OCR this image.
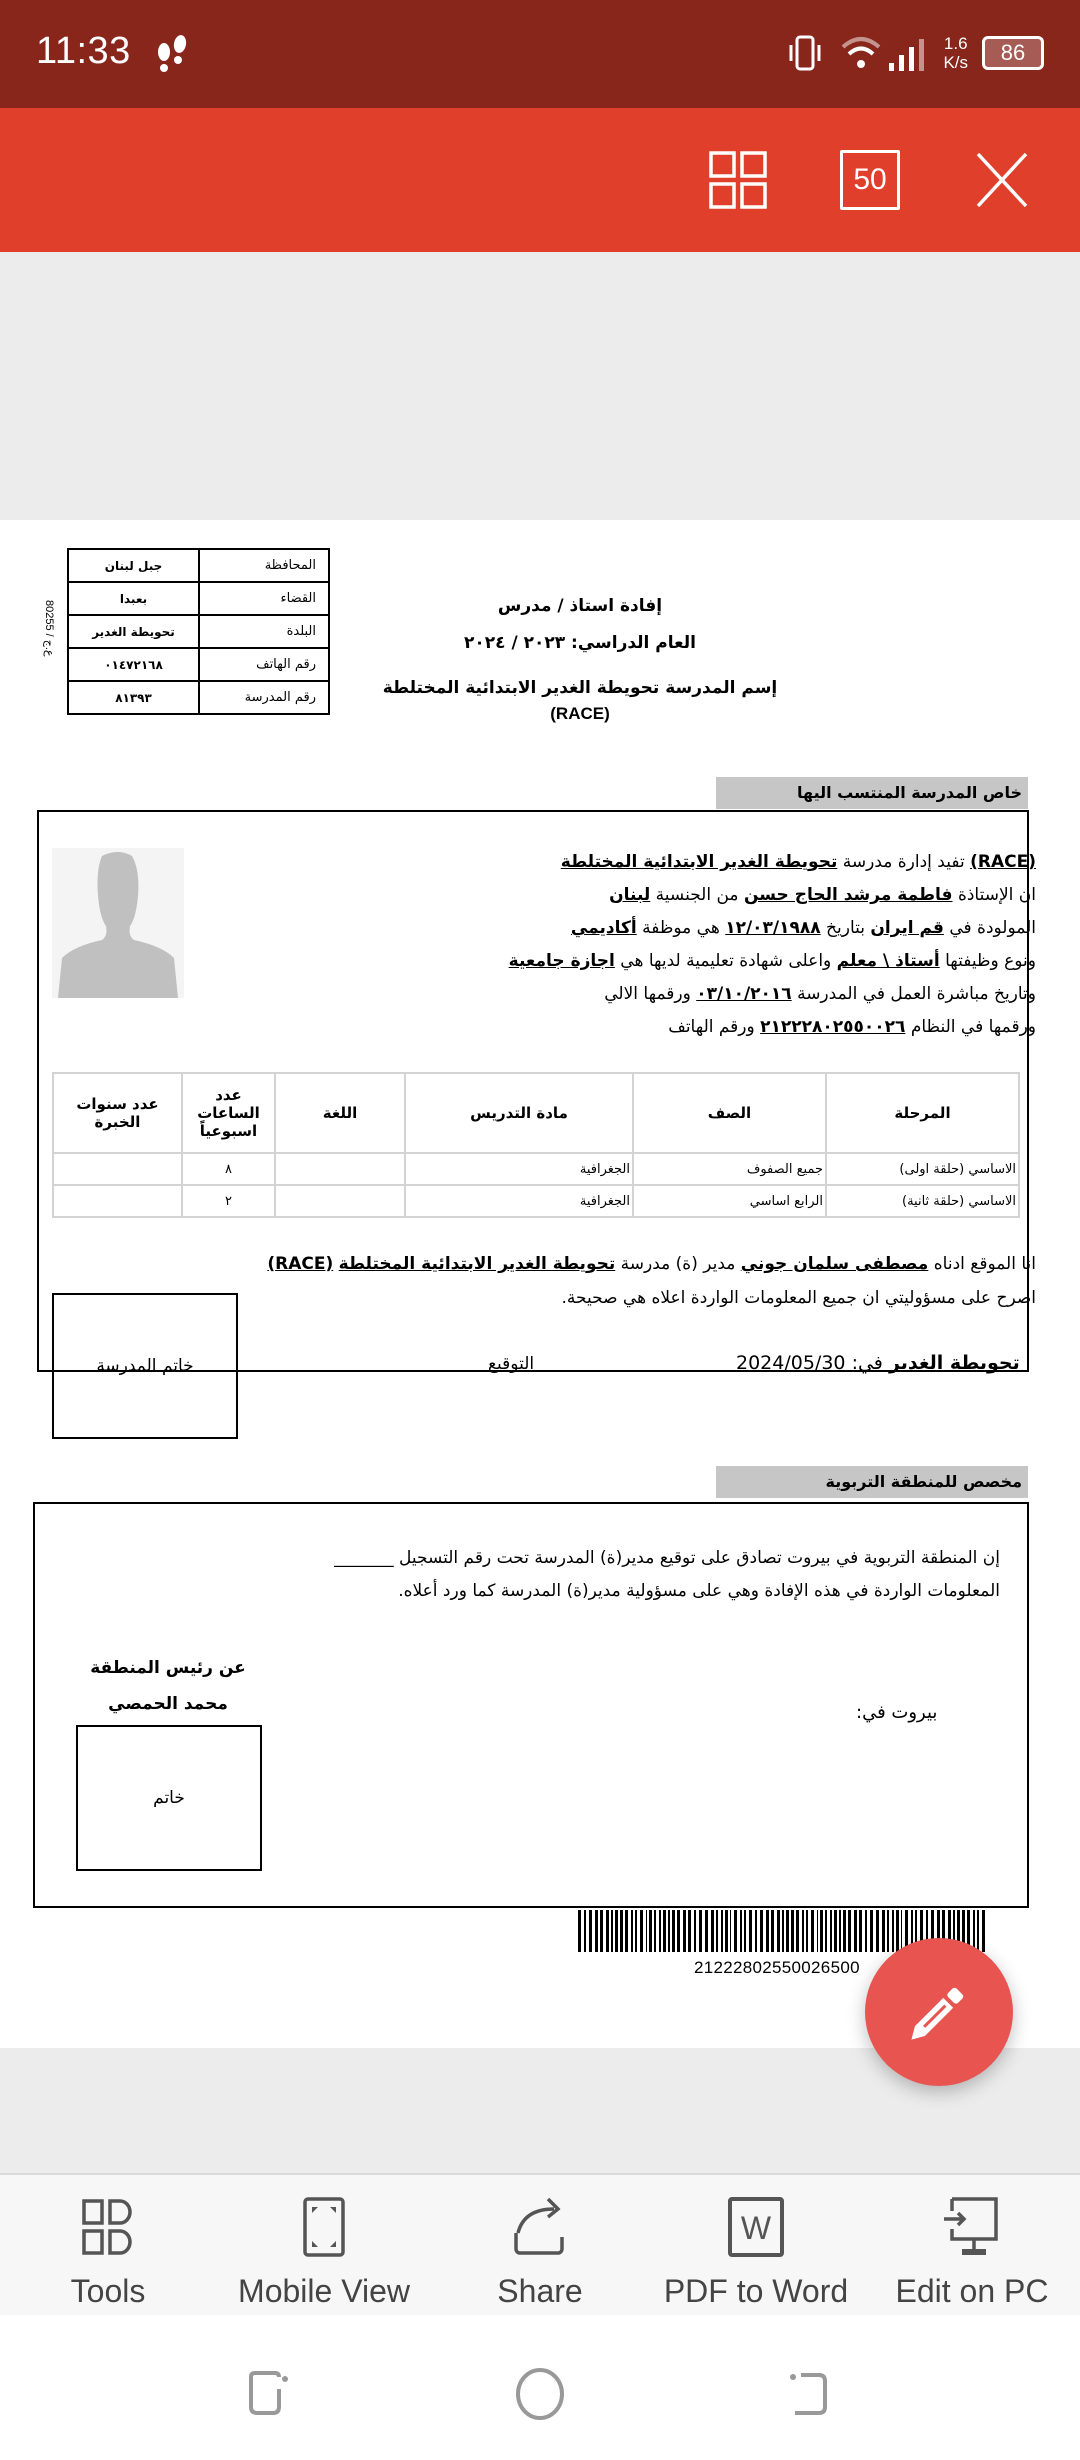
11:33	1.6
K/s 86
50
ع.ج / 80255
المحافظة	جبل لبنان
القضاء	بعبدا
البلدة	تحويطة الغدير
رقم الهاتف	٠١٤٧٢١٦٨
رقم المدرسة	٨١٣٩٣
إفادة استاذ / مدرس
العام الدراسي: ٢٠٢٣ / ٢٠٢٤
إسم المدرسة تحويطة الغدير الابتدائية المختلطة
(RACE)
خاص المدرسة المنتسب اليها
(RACE) تفيد إدارة مدرسة تحويطة الغدير الابتدائية المختلطة
ان الإستاذة فاطمة مرشد الحاج حسن من الجنسية لبنان
المولودة في قم ايران بتاريخ ١٢/٠٣/١٩٨٨ هي موظفة أكاديمي
ونوع وظيفتها أستاذ \ معلم واعلى شهادة تعليمية لديها هي اجازة جامعية
وتاريخ مباشرة العمل في المدرسة ٠٣/١٠/٢٠١٦ ورقمها الالي
ورقمها في النظام ٢١٢٢٢٨٠٢٥٥٠٠٢٦ ورقم الهاتف
المرحلة	الصف	مادة التدريس	اللغة	عدد الساعات اسبوعياً	عدد سنوات الخبرة
الاساسي (حلقة اولى)	جميع الصفوف	الجغرافية		٨	
الاساسي (حلقة ثانية)	الرابع اساسي	الجغرافية		٢	
انا الموقع ادناه مصطفى سلمان جوني مدير (ة) مدرسة تحويطة الغدير الابتدائية المختلطة (RACE)
اصرح على مسؤوليتي ان جميع المعلومات الواردة اعلاه هي صحيحة.
تحويطة الغدير في: 2024/05/30
التوقيع
خاتم المدرسة
مخصص للمنطقة التربوية
إن المنطقة التربوية في بيروت تصادق على توقيع مدير(ة) المدرسة تحت رقم التسجيل _______
المعلومات الواردة في هذه الإفادة وهي على مسؤولية مدير(ة) المدرسة كما ورد أعلاه.
عن رئيس المنطقة
محمد الحمصي
خاتم
بيروت في:
21222802550026500
Tools	Mobile View	Share
W
PDF to Word Edit on PC
